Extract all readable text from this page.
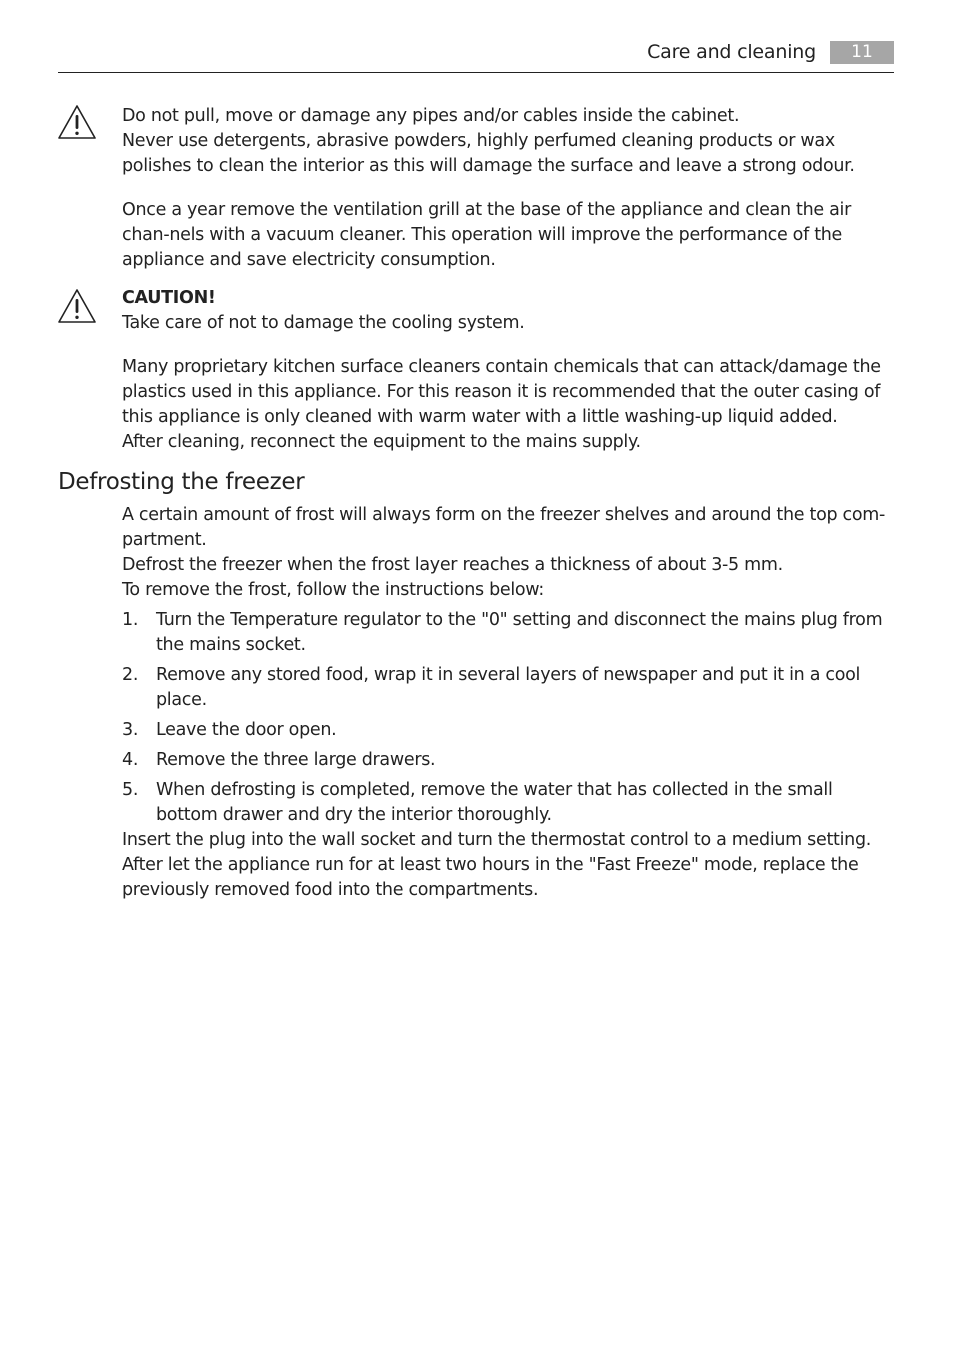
Care and cleaning	11

Do not pull, move or damage any pipes and/or cables inside the cabinet.

Never use detergents, abrasive powders, highly perfumed cleaning products or wax polishes to clean the interior as this will damage the surface and leave a strong odour.

Once a year remove the ventilation grill at the base of the appliance and clean the air chan-nels with a vacuum cleaner. This operation will improve the performance of the appliance and save electricity consumption.

CAUTION!

Take care of not to damage the cooling system.

Many proprietary kitchen surface cleaners contain chemicals that can attack/damage the plastics used in this appliance. For this reason it is recommended that the outer casing of this appliance is only cleaned with warm water with a little washing-up liquid added.

After cleaning, reconnect the equipment to the mains supply.

Defrosting the freezer

A certain amount of frost will always form on the freezer shelves and around the top com-partment.

Defrost the freezer when the frost layer reaches a thickness of about 3-5 mm.

To remove the frost, follow the instructions below:

1. Turn the Temperature regulator to the "0" setting and disconnect the mains plug from the mains socket.
2. Remove any stored food, wrap it in several layers of newspaper and put it in a cool place.
3. Leave the door open.
4. Remove the three large drawers.
5. When defrosting is completed, remove the water that has collected in the small bottom drawer and dry the interior thoroughly.

Insert the plug into the wall socket and turn the thermostat control to a medium setting.

After let the appliance run for at least two hours in the "Fast Freeze" mode, replace the previously removed food into the compartments.
